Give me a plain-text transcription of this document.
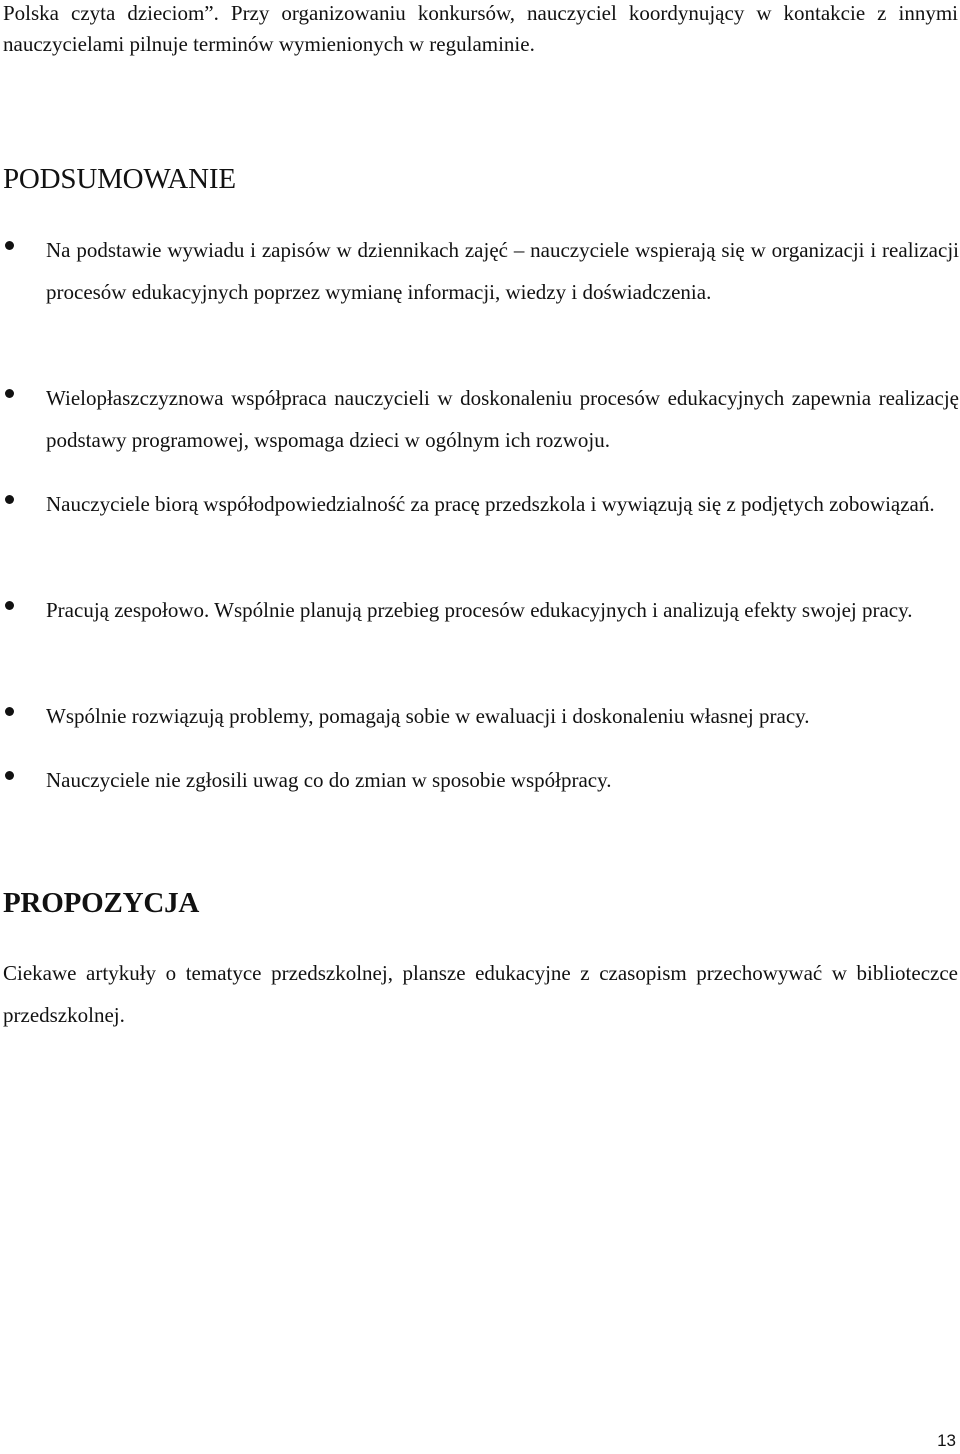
Polska czyta dzieciom”. Przy organizowaniu konkursów, nauczyciel koordynujący w kontakcie z innymi nauczycielami pilnuje terminów wymienionych w regulaminie.

PODSUMOWANIE

Na podstawie wywiadu i zapisów w dziennikach zajęć – nauczyciele wspierają się w organizacji i realizacji procesów edukacyjnych poprzez wymianę informacji, wiedzy i doświadczenia.

Wielopłaszczyznowa współpraca nauczycieli w doskonaleniu procesów edukacyjnych zapewnia realizację podstawy programowej, wspomaga dzieci w ogólnym ich rozwoju.

Nauczyciele biorą współodpowiedzialność za pracę przedszkola i wywiązują się z podjętych zobowiązań.

Pracują zespołowo. Wspólnie planują przebieg procesów edukacyjnych i analizują efekty swojej pracy.

Wspólnie rozwiązują problemy, pomagają sobie w ewaluacji i doskonaleniu własnej pracy.

Nauczyciele nie zgłosili uwag co do zmian w sposobie współpracy.

PROPOZYCJA

Ciekawe artykuły o tematyce przedszkolnej, plansze edukacyjne z czasopism przechowywać w biblioteczce przedszkolnej.

13
